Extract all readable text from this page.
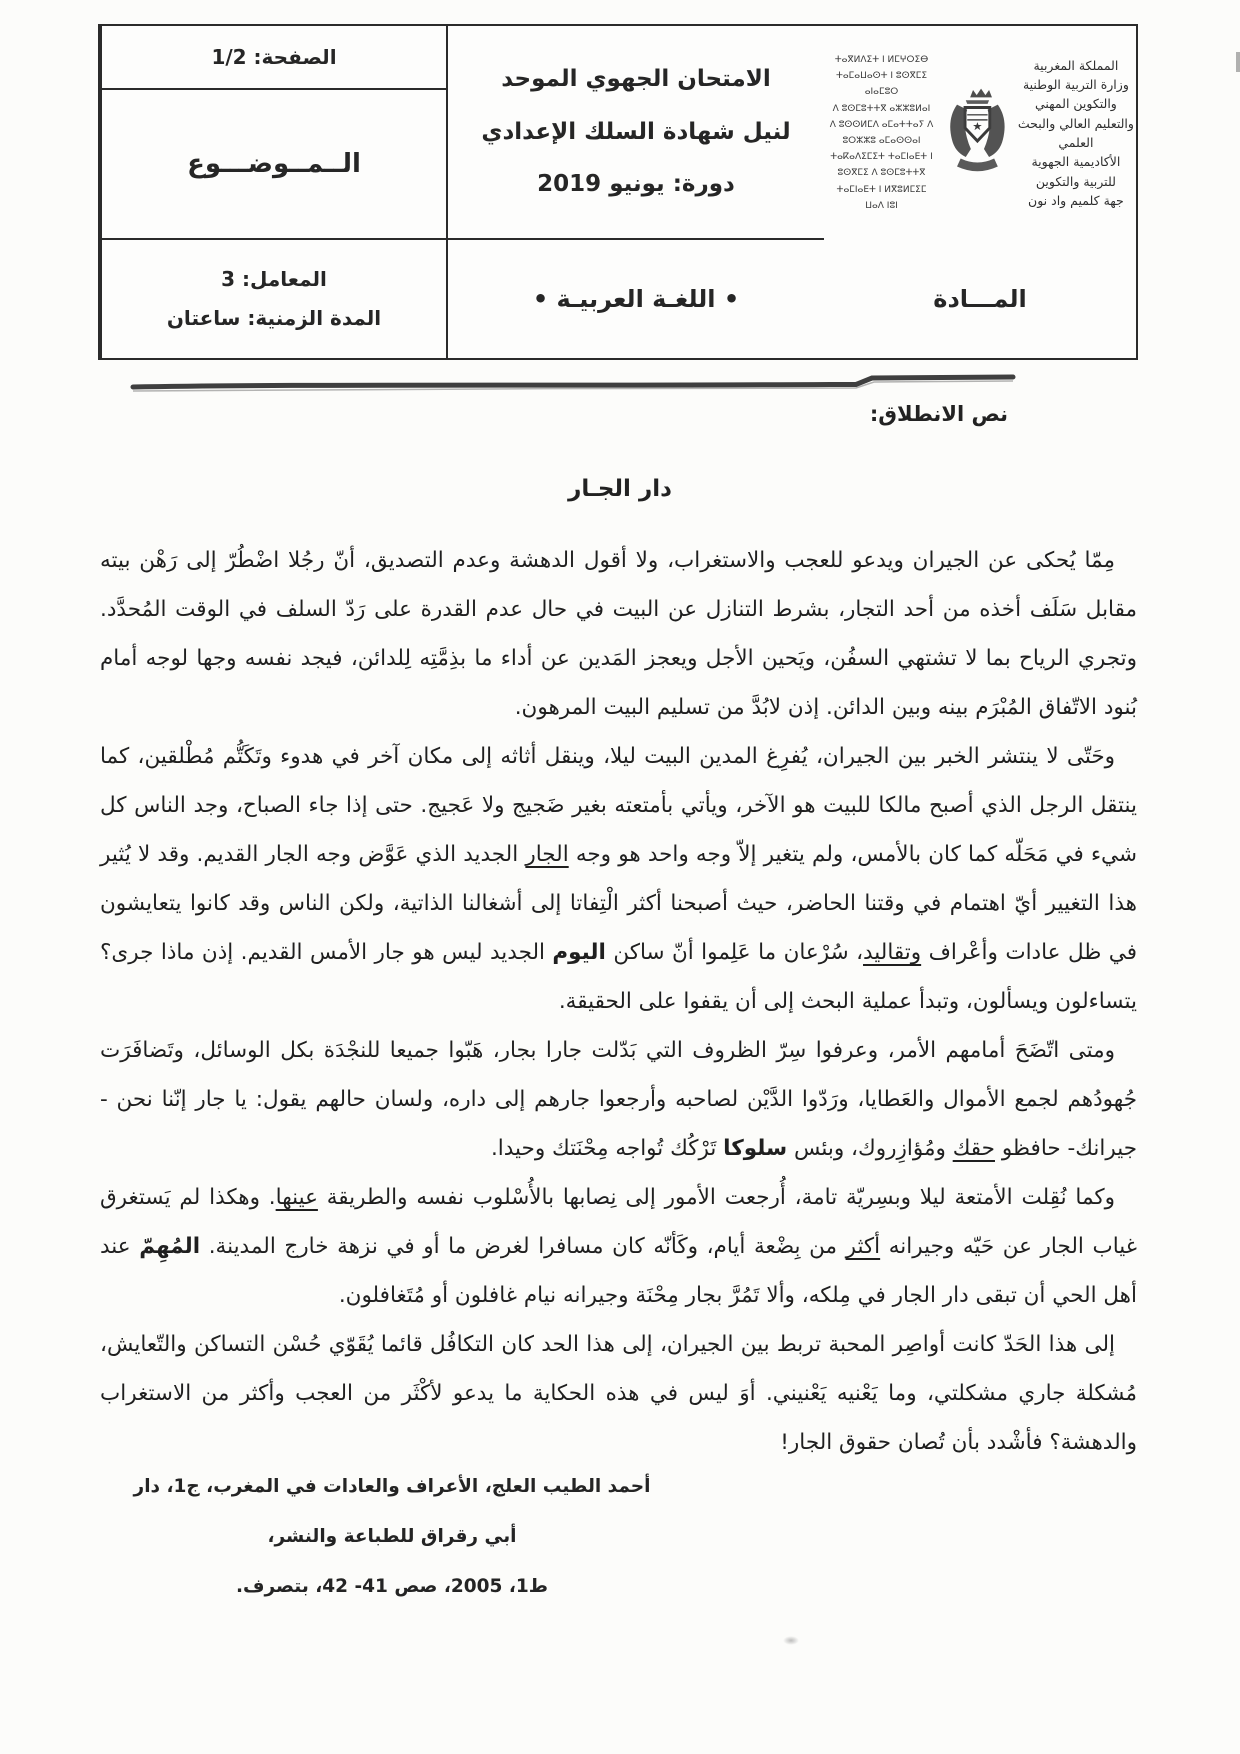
المملكة المغربية
وزارة التربية الوطنية
والتكوين المهني
والتعليم العالي والبحث العلمي
الأكاديمية الجهوية للتربية والتكوين
جهة كلميم واد نون
ⵜⴰⴳⵍⴷⵉⵜ ⵏ ⵍⵎⵖⵔⵉⴱ
ⵜⴰⵎⴰⵡⴰⵙⵜ ⵏ ⵓⵙⴳⵎⵉ ⴰⵏⴰⵎⵓⵔ
ⴷ ⵓⵙⵎⵓⵜⵜⴳ ⴰⵣⵣⵓⵍⴰⵏ
ⴷ ⵓⵙⵙⵍⵎⴷ ⴰⵎⴰⵜⵜⴰⵢ ⴷ ⵓⵔⵣⵣⵓ ⴰⵎⴰⵙⵙⴰⵏ
ⵜⴰⴽⴰⴷⵉⵎⵉⵜ ⵜⴰⵎⵏⴰⴹⵜ ⵏ ⵓⵙⴳⵎⵉ ⴷ ⵓⵙⵎⵓⵜⵜⴳ
ⵜⴰⵎⵏⴰⴹⵜ ⵏ ⵍⴳⵓⵍⵎⵉⵎ ⵡⴰⴷ ⵏⵓⵏ
المـــادة
الامتحان الجهوي الموحد
لنيل شهادة السلك الإعدادي
دورة: يونيو 2019
• اللغـة العربيـة •
الصفحة: 1/2
الــمــوضـــوع
المعامل: 3
المدة الزمنية: ساعتان
نص الانطلاق:
دار الجـار

مِمّا يُحكى عن الجيران ويدعو للعجب والاستغراب، ولا أقول الدهشة وعدم التصديق، أنّ رجُلا اضْطُرّ إلى رَهْن بيته مقابل سَلَف أخذه من أحد التجار، بشرط التنازل عن البيت في حال عدم القدرة على رَدّ السلف في الوقت المُحدَّد. وتجري الرياح بما لا تشتهي السفُن، ويَحين الأجل ويعجز المَدين عن أداء ما بذِمَّتِه لِلدائن، فيجد نفسه وجها لوجه أمام بُنود الاتّفاق المُبْرَم بينه وبين الدائن. إذن لابُدَّ من تسليم البيت المرهون.

وحَتّى لا ينتشر الخبر بين الجيران، يُفرِغ المدين البيت ليلا، وينقل أثاثه إلى مكان آخر في هدوء وتَكَتُّم مُطْلقين، كما ينتقل الرجل الذي أصبح مالكا للبيت هو الآخر، ويأتي بأمتعته بغير ضَجيج ولا عَجيج. حتى إذا جاء الصباح، وجد الناس كل شيء في مَحَلّه كما كان بالأمس، ولم يتغير إلاّ وجه واحد هو وجه الجار الجديد الذي عَوَّض وجه الجار القديم. وقد لا يُثير هذا التغيير أيّ اهتمام في وقتنا الحاضر، حيث أصبحنا أكثر الْتِفاتا إلى أشغالنا الذاتية، ولكن الناس وقد كانوا يتعايشون في ظل عادات وأعْراف وتقاليد، سُرْعان ما عَلِموا أنّ ساكن اليوم الجديد ليس هو جار الأمس القديم. إذن ماذا جرى؟ يتساءلون ويسألون، وتبدأ عملية البحث إلى أن يقفوا على الحقيقة.

ومتى اتّضَحَ أمامهم الأمر، وعرفوا سِرّ الظروف التي بَدّلت جارا بجار، هَبّوا جميعا للنجْدَة بكل الوسائل، وتَضافَرَت جُهودُهم لجمع الأموال والعَطايا، ورَدّوا الدَّيْن لصاحبه وأرجعوا جارهم إلى داره، ولسان حالهم يقول: يا جار إنّنا نحن - جيرانك- حافظو حقك ومُؤازِروك، وبئس سلوكا تَرْكُك تُواجه مِحْنَتك وحيدا.

وكما نُقِلت الأمتعة ليلا وبسِريّة تامة، أُرجعت الأمور إلى نِصابها بالأُسْلوب نفسه والطريقة عينها. وهكذا لم يَستغرق غياب الجار عن حَيّه وجيرانه أكثر من بِضْعة أيام، وكَأنّه كان مسافرا لغرض ما أو في نزهة خارج المدينة. المُهِمّ عند أهل الحي أن تبقى دار الجار في مِلكه، وألا تَمُرَّ بجار مِحْنَة وجيرانه نيام غافلون أو مُتَغافلون.

إلى هذا الحَدّ كانت أواصِر المحبة تربط بين الجيران، إلى هذا الحد كان التكافُل قائما يُقَوّي حُسْن التساكن والتّعايش، مُشكلة جاري مشكلتي، وما يَعْنيه يَعْنيني. أوَ ليس في هذه الحكاية ما يدعو لأكْثَر من العجب وأكثر من الاستغراب والدهشة؟ فأشْدد بأن تُصان حقوق الجار!

أحمد الطيب العلج، الأعراف والعادات في المغرب، ج1، دار أبي رقراق للطباعة والنشر،
ط1، 2005، صص 41- 42، بتصرف.
